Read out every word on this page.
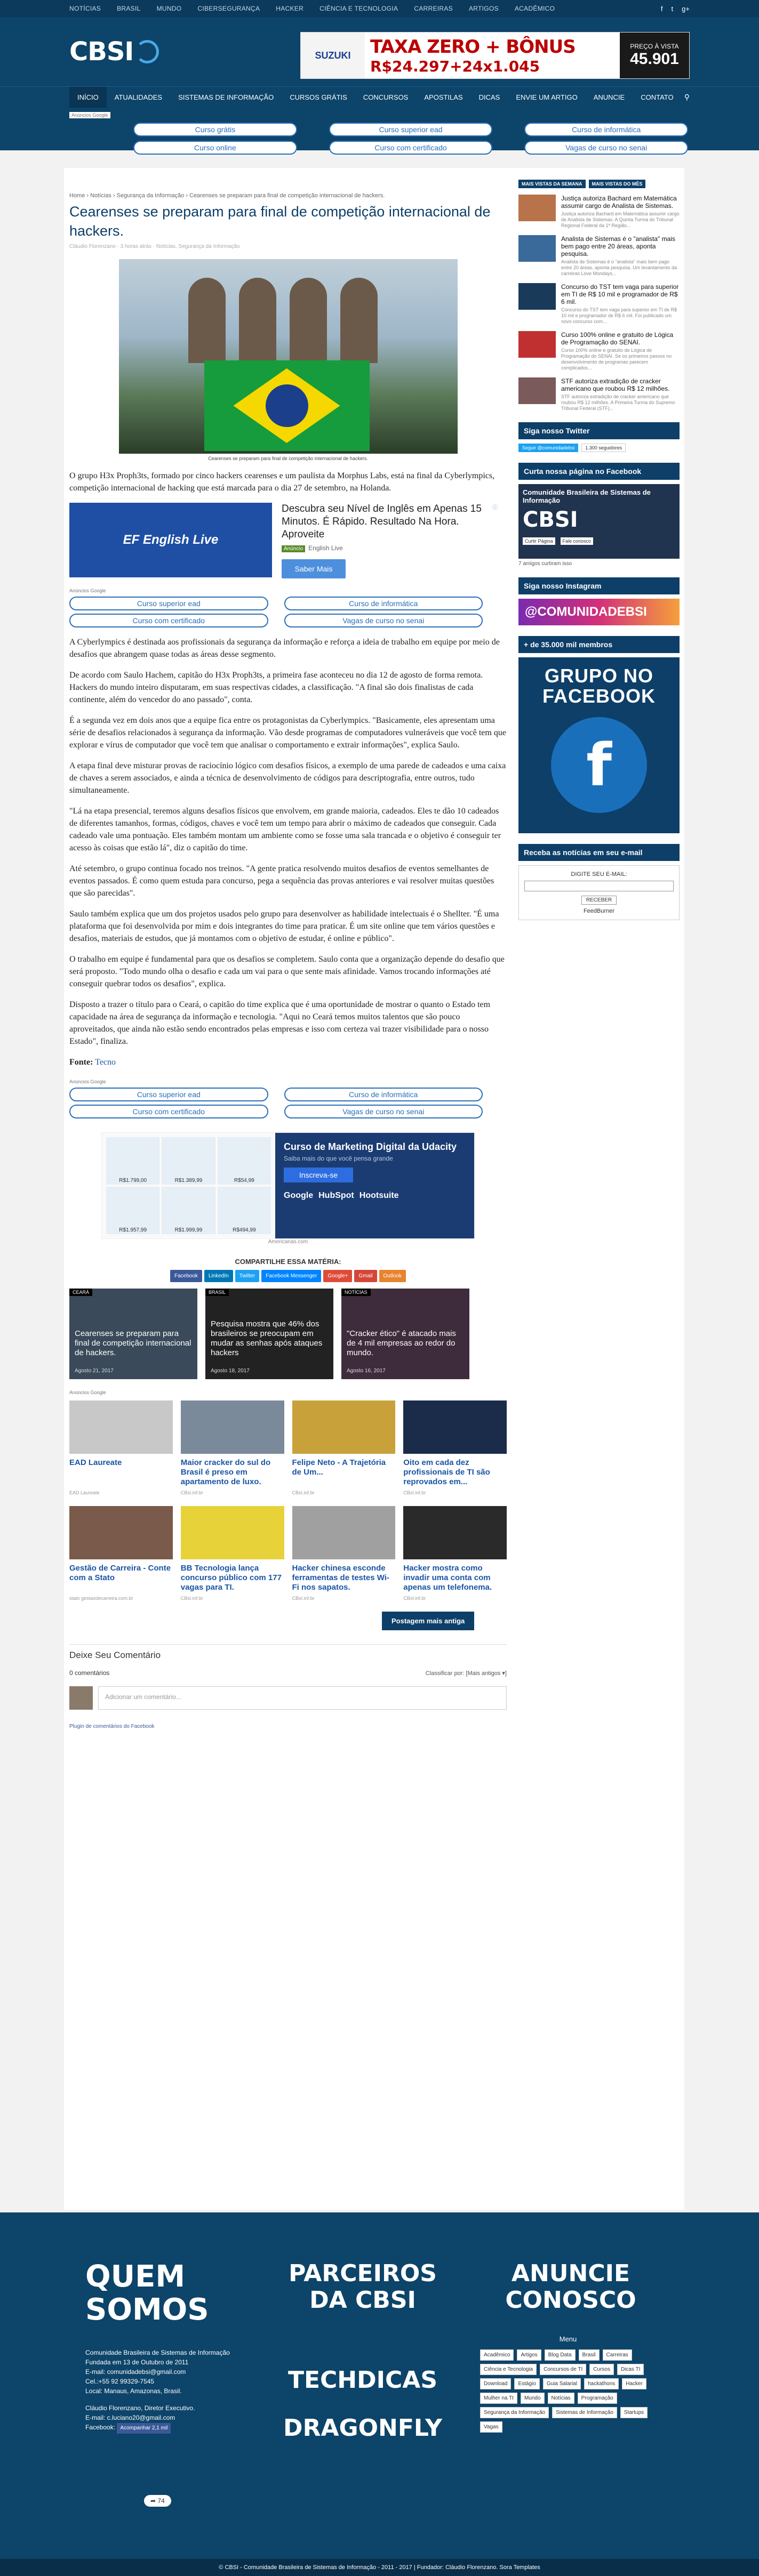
NOTÍCIAS	BRASIL	MUNDO	CIBERSEGURANÇA	HACKER	CIÊNCIA E TECNOLOGIA	CARREIRAS	ARTIGOS	ACADÊMICO	f t g+
CBSI	SUZUKI	TAXA ZERO + BÔNUS
R$24.297+24x1.045
PREÇO À VISTA
45.901
INÍCIO	ATUALIDADES	SISTEMAS DE INFORMAÇÃO	CURSOS GRÁTIS	CONCURSOS	APOSTILAS	DICAS	ENVIE UM ARTIGO	ANUNCIE	CONTATO	⚲
Anúncios Google
Curso grátis	Curso superior ead	Curso de informática
Curso online	Curso com certificado	Vagas de curso no senai
Home › Notícias › Segurança da Informação › Cearenses se preparam para final de competição internacional de hackers.
Cearenses se preparam para final de competição internacional de hackers.
Cláudio Florenzano · 3 horas atrás · Notícias, Segurança da Informação
Cearenses se preparam para final de competição internacional de hackers.

O grupo H3x Proph3ts, formado por cinco hackers cearenses e um paulista da Morphus Labs, está na final da Cyberlympics, competição internacional de hacking que está marcada para o dia 27 de setembro, na Holanda.

EF English Live
Descubra seu Nível de Inglês em Apenas 15 Minutos. É Rápido. Resultado Na Hora. Aproveite
Anúncio English Live
Saber Mais
ⓘ
Anúncios Google
Curso superior ead	Curso de informática
Curso com certificado	Vagas de curso no senai

A Cyberlympics é destinada aos profissionais da segurança da informação e reforça a ideia de trabalho em equipe por meio de desafios que abrangem quase todas as áreas desse segmento.

De acordo com Saulo Hachem, capitão do H3x Proph3ts, a primeira fase aconteceu no dia 12 de agosto de forma remota. Hackers do mundo inteiro disputaram, em suas respectivas cidades, a classificação. "A final são dois finalistas de cada continente, além do vencedor do ano passado", conta.

É a segunda vez em dois anos que a equipe fica entre os protagonistas da Cyberlympics. "Basicamente, eles apresentam uma série de desafios relacionados à segurança da informação. Vão desde programas de computadores vulneráveis que você tem que explorar e vírus de computador que você tem que analisar o comportamento e extrair informações", explica Saulo.

A etapa final deve misturar provas de raciocínio lógico com desafios físicos, a exemplo de uma parede de cadeados e uma caixa de chaves a serem associados, e ainda a técnica de desenvolvimento de códigos para descriptografia, entre outros, tudo simultaneamente.

"Lá na etapa presencial, teremos alguns desafios físicos que envolvem, em grande maioria, cadeados. Eles te dão 10 cadeados de diferentes tamanhos, formas, códigos, chaves e você tem um tempo para abrir o máximo de cadeados que conseguir. Cada cadeado vale uma pontuação. Eles também montam um ambiente como se fosse uma sala trancada e o objetivo é conseguir ter acesso às coisas que estão lá", diz o capitão do time.

Até setembro, o grupo continua focado nos treinos. "A gente pratica resolvendo muitos desafios de eventos semelhantes de eventos passados. É como quem estuda para concurso, pega a sequência das provas anteriores e vai resolver muitas questões que são parecidas".

Saulo também explica que um dos projetos usados pelo grupo para desenvolver as habilidade intelectuais é o Shellter. "É uma plataforma que foi desenvolvida por mim e dois integrantes do time para praticar. É um site online que tem vários questões e desafios, materiais de estudos, que já montamos com o objetivo de estudar, é online e público".

O trabalho em equipe é fundamental para que os desafios se completem. Saulo conta que a organização depende do desafio que será proposto. "Todo mundo olha o desafio e cada um vai para o que sente mais afinidade. Vamos trocando informações até conseguir quebrar todos os desafios", explica.

Disposto a trazer o título para o Ceará, o capitão do time explica que é uma oportunidade de mostrar o quanto o Estado tem capacidade na área de segurança da informação e tecnologia. "Aqui no Ceará temos muitos talentos que são pouco aproveitados, que ainda não estão sendo encontrados pelas empresas e isso com certeza vai trazer visibilidade para o nosso Estado", finaliza.

Fonte: Tecno

Anúncios Google
Curso superior ead	Curso de informática
Curso com certificado	Vagas de curso no senai
R$1.799,00	R$1.389,99	R$54,99
R$1.957,99	R$1.999,99	R$494,99
Curso de Marketing Digital da Udacity
Saiba mais do que você pensa grande
Inscreva-se
Google HubSpot Hootsuite
Americanas.com
COMPARTILHE ESSA MATÉRIA:
Facebook	LinkedIn	Twitter	Facebook Messenger	Google+	Gmail	Outlook
CEARÁ
Cearenses se preparam para final de competição internacional de hackers.
Agosto 21, 2017
BRASIL
Pesquisa mostra que 46% dos brasileiros se preocupam em mudar as senhas após ataques hackers
Agosto 18, 2017
NOTÍCIAS
"Cracker ético" é atacado mais de 4 mil empresas ao redor do mundo.
Agosto 16, 2017
Anúncios Google
EAD Laureate
EAD Laureate
Maior cracker do sul do Brasil é preso em apartamento de luxo.
CBsI.inf.br
Felipe Neto - A Trajetória de Um...
CBsI.inf.br
Oito em cada dez profissionais de TI são reprovados em...
CBsI.inf.br
Gestão de Carreira - Conte com a Stato
stato gestaodecarreira.com.br
BB Tecnologia lança concurso público com 177 vagas para TI.
CBsI.inf.br
Hacker chinesa esconde ferramentas de testes Wi-Fi nos sapatos.
CBsI.inf.br
Hacker mostra como invadir uma conta com apenas um telefonema.
CBsI.inf.br
Postagem mais antiga
Deixe Seu Comentário
0 comentários	Classificar por: [Mais antigos ▾]
Adicionar um comentário...
Plugin de comentários do Facebook
MAIS VISTAS DA SEMANA	MAIS VISTAS DO MÊS
Justiça autoriza Bachard em Matemática assumir cargo de Analista de Sistemas.
Justiça autoriza Bachard em Matemática assumir cargo de Analista de Sistemas. A Quinta Turma do Tribunal Regional Federal da 1ª Região...
Analista de Sistemas é o "analista" mais bem pago entre 20 áreas, aponta pesquisa.
Analista de Sistemas é o "analista" mais bem pago entre 20 áreas, aponta pesquisa. Um levantamento da carreiras Love Mondays...
Concurso do TST tem vaga para superior em TI de R$ 10 mil e programador de R$ 6 mil.
Concurso do TST tem vaga para superior em TI de R$ 10 mil e programador de R$ 6 mil. Foi publicado um novo concurso com...
Curso 100% online e gratuito de Lógica de Programação do SENAI.
Curso 100% online e gratuito de Lógica de Programação do SENAI. Se os primeiros passos no desenvolvimento de programas parecem complicados...
STF autoriza extradição de cracker americano que roubou R$ 12 milhões.
STF autoriza extradição de cracker americano que roubou R$ 12 milhões. A Primeira Turma do Supremo Tribunal Federal (STF)...
Siga nosso Twitter
Seguir @comunidadebsi	1.300 seguidores
Curta nossa página no Facebook
Comunidade Brasileira de Sistemas de Informação
CBSI
Curtir Página	Fale conosco
7 amigos curtiram isso
Siga nosso Instagram
@COMUNIDADEBSI
+ de 35.000 mil membros
GRUPO NO FACEBOOK
f
Receba as notícias em seu e-mail
DIGITE SEU E-MAIL:
RECEBER
FeedBurner
QUEM SOMOS
Comunidade Brasileira de Sistemas de Informação
Fundada em 13 de Outubro de 2011
E-mail: comunidadebsi@gmail.com
Cel.:+55 92 99329-7545
Local: Manaus, Amazonas, Brasil.
Cláudio Florenzano, Diretor Executivo.
E-mail: c.luciano20@gmail.com
Facebook: Acompanhar 2,1 mil
PARCEIROS DA CBSI
TECHDICAS
DRAGONFLY
ANUNCIE CONOSCO
Menu
Acadêmico	Artigos	Blog Data	Brasil	Carreiras
Ciência e Tecnologia	Concursos de TI	Cursos	Dicas TI
Download	Estágio	Guia Salarial	hackathons	Hacker
Mulher na TI	Mundo	Notícias	Programação
Segurança da Informação	Sistemas de Informação	Startups
Vagas
➦ 74
© CBSI - Comunidade Brasileira de Sistemas de Informação - 2011 - 2017 | Fundador: Cláudio Florenzano. Sora Templates
